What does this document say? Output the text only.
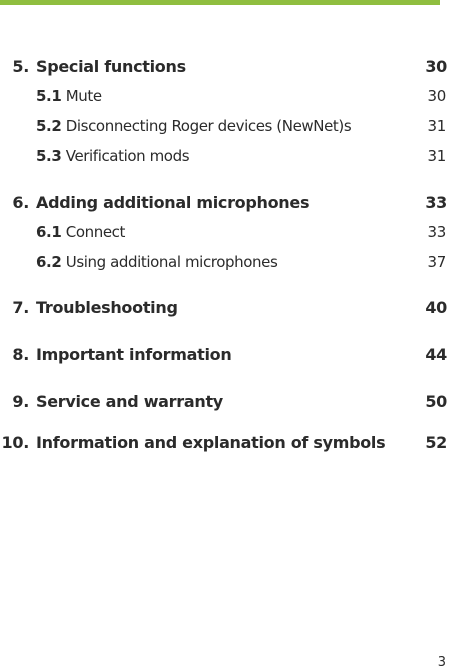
5. Special functions	30
5.1 Mute	30
5.2 Disconnecting Roger devices (NewNet)s	31
5.3 Verification mods	31
6. Adding additional microphones	33
6.1 Connect	33
6.2 Using additional microphones	37
7. Troubleshooting	40
8. Important information	44
9. Service and warranty	50
10. Information and explanation of symbols 52
3
